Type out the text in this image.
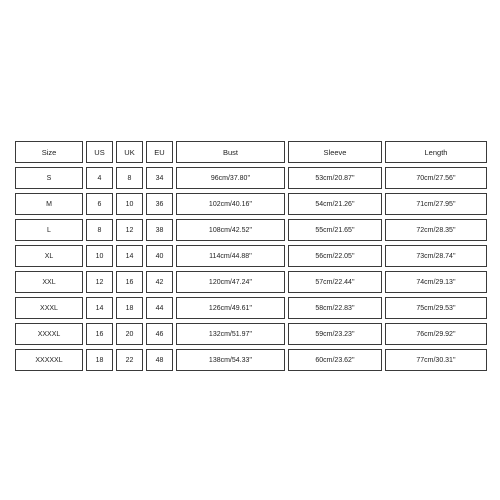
Size	US	UK	EU	Bust	Sleeve	Length
S	4	8	34	96cm/37.80''	53cm/20.87''	70cm/27.56''
M	6	10	36	102cm/40.16''	54cm/21.26''	71cm/27.95''
L	8	12	38	108cm/42.52''	55cm/21.65''	72cm/28.35''
XL	10	14	40	114cm/44.88''	56cm/22.05''	73cm/28.74''
XXL	12	16	42	120cm/47.24''	57cm/22.44''	74cm/29.13''
XXXL	14	18	44	126cm/49.61''	58cm/22.83''	75cm/29.53''
XXXXL	16	20	46	132cm/51.97''	59cm/23.23''	76cm/29.92''
XXXXXL	18	22	48	138cm/54.33''	60cm/23.62''	77cm/30.31''
